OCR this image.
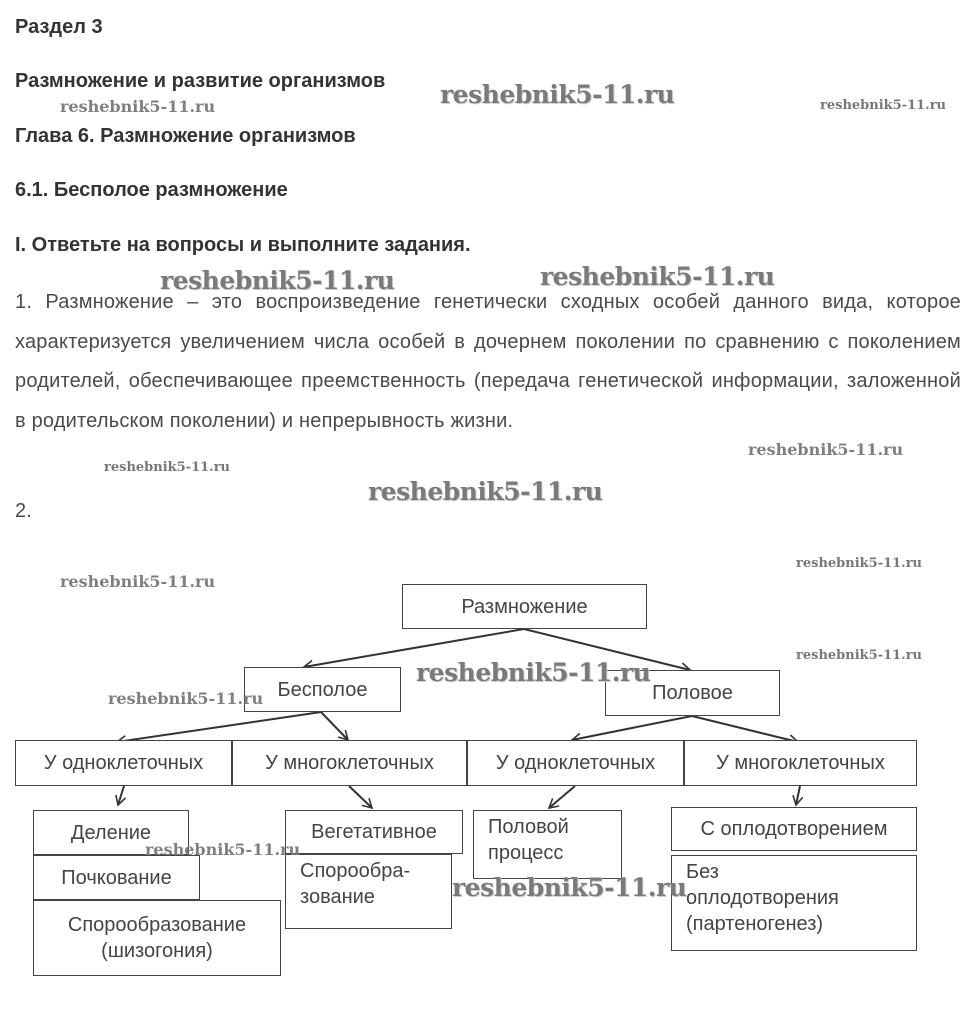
Раздел 3
Размножение и развитие организмов
Глава 6. Размножение организмов
6.1. Бесполое размножение
I. Ответьте на вопросы и выполните задания.
1. Размножение – это воспроизведение генетически сходных особей данного вида, которое характеризуется увеличением числа особей в дочернем поколении по сравнению с поколением родителей, обеспечивающее преемственность (передача генетической информации, заложенной в родительском поколении) и непрерывность жизни.
2.
Размножение
Бесполое	Половое
У одноклеточных	У многоклеточных	У одноклеточных	У многоклеточных
Деление
Почкование
Спорообразование
(шизогония)
Вегетативное
Спорообра-
зование
Половой
процесс
С оплодотворением
Без
оплодотворения
(партеногенез)
reshebnik5-11.ru
reshebnik5-11.ru	reshebnik5-11.ru
reshebnik5-11.ru	reshebnik5-11.ru
reshebnik5-11.ru
reshebnik5-11.ru
reshebnik5-11.ru
reshebnik5-11.ru
reshebnik5-11.ru
reshebnik5-11.ru
reshebnik5-11.ru
reshebnik5-11.ru
reshebnik5-11.ru
reshebnik5-11.ru
